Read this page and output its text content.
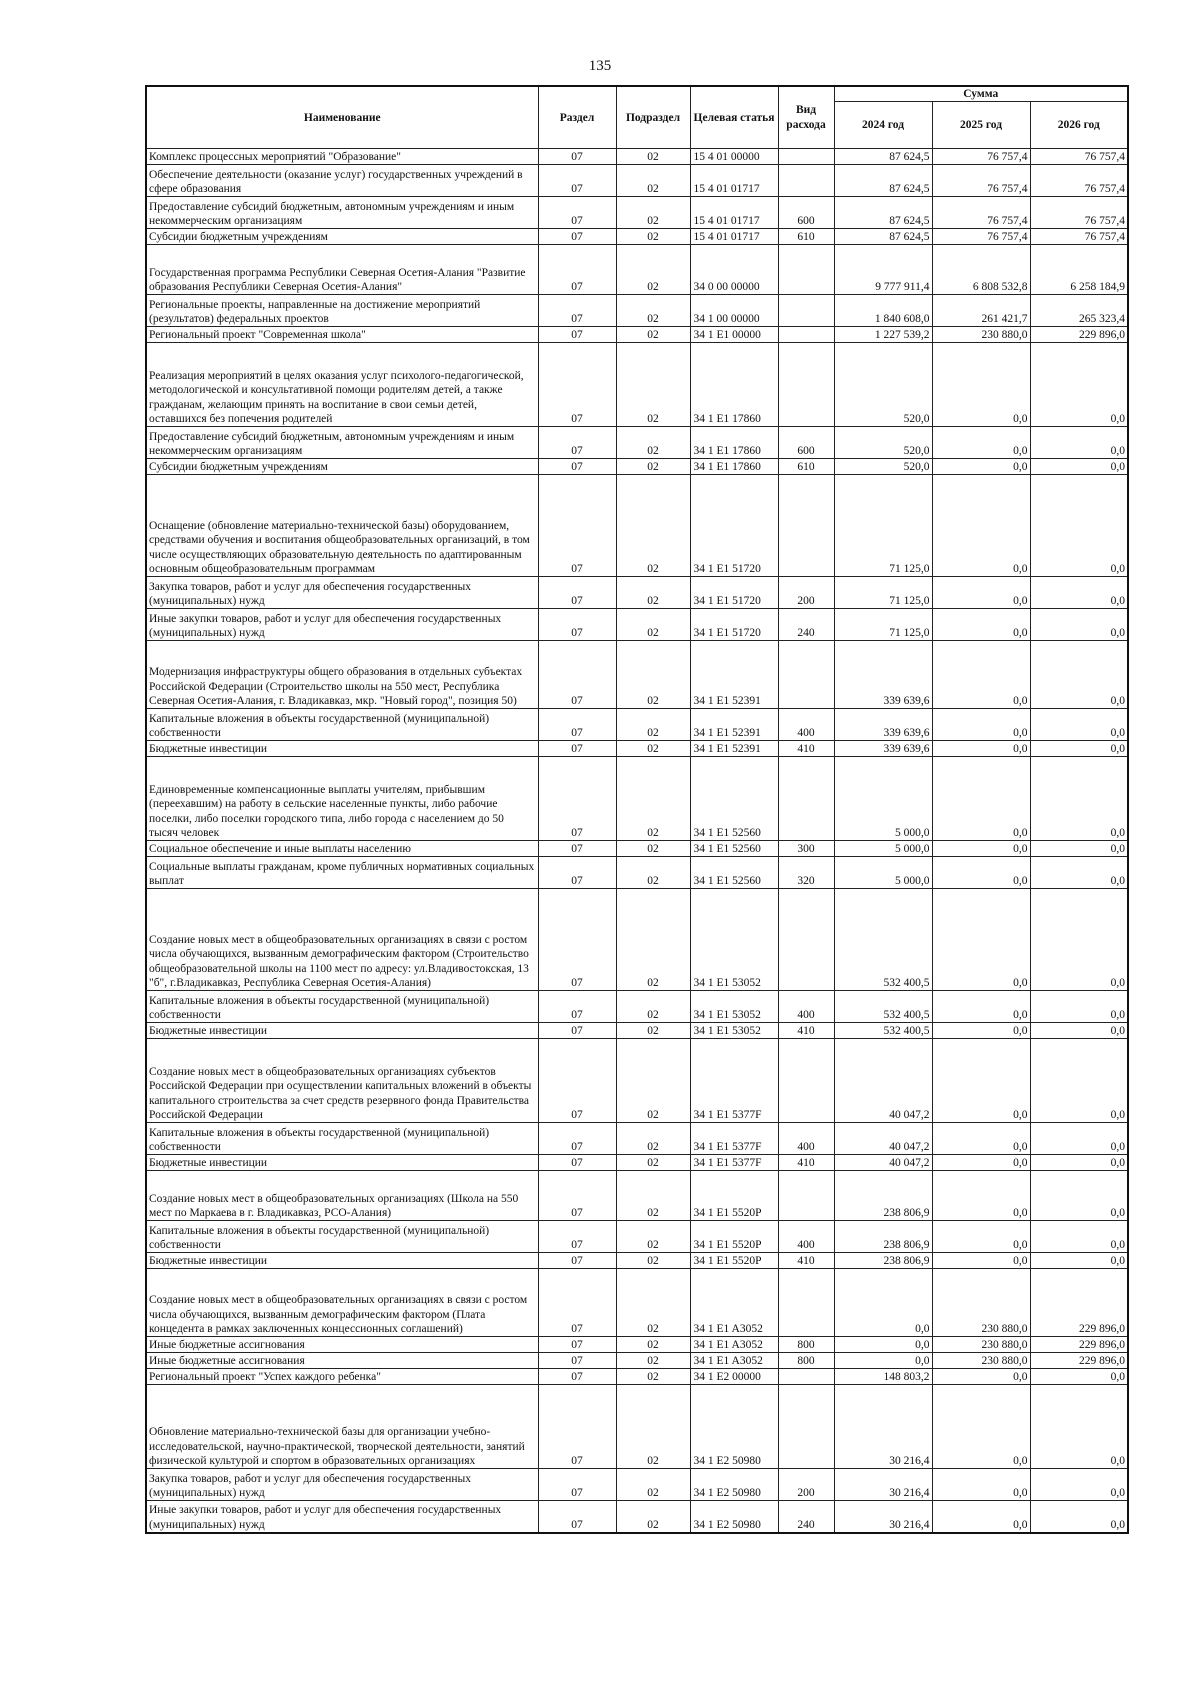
135
Наименование	Раздел	Подраздел	Целевая статья	Вид расхода	Сумма		
					2024 год	2025 год	2026 год
Комплекс процессных мероприятий "Образование"	07	02	15 4 01 00000		87 624,5	76 757,4	76 757,4
Обеспечение деятельности (оказание услуг) государственных учреждений в сфере образования	07	02	15 4 01 01717		87 624,5	76 757,4	76 757,4
Предоставление субсидий бюджетным, автономным учреждениям и иным некоммерческим организациям	07	02	15 4 01 01717	600	87 624,5	76 757,4	76 757,4
Субсидии бюджетным учреждениям	07	02	15 4 01 01717	610	87 624,5	76 757,4	76 757,4
Государственная программа Республики Северная Осетия-Алания "Развитие образования Республики Северная Осетия-Алания"	07	02	34 0 00 00000		9 777 911,4	6 808 532,8	6 258 184,9
Региональные проекты, направленные на достижение мероприятий (результатов) федеральных проектов	07	02	34 1 00 00000		1 840 608,0	261 421,7	265 323,4
Региональный проект "Современная школа"	07	02	34 1 E1 00000		1 227 539,2	230 880,0	229 896,0
Реализация мероприятий в целях оказания услуг психолого-педагогической, методологической и консультативной помощи родителям детей, а также гражданам, желающим принять на воспитание в свои семьи детей, оставшихся без попечения родителей	07	02	34 1 E1 17860		520,0	0,0	0,0
Предоставление субсидий бюджетным, автономным учреждениям и иным некоммерческим организациям	07	02	34 1 E1 17860	600	520,0	0,0	0,0
Субсидии бюджетным учреждениям	07	02	34 1 E1 17860	610	520,0	0,0	0,0
Оснащение (обновление материально-технической базы) оборудованием, средствами обучения и воспитания общеобразовательных организаций, в том числе осуществляющих образовательную деятельность по адаптированным основным общеобразовательным программам	07	02	34 1 E1 51720		71 125,0	0,0	0,0
Закупка товаров, работ и услуг для обеспечения государственных (муниципальных) нужд	07	02	34 1 E1 51720	200	71 125,0	0,0	0,0
Иные закупки товаров, работ и услуг для обеспечения государственных (муниципальных) нужд	07	02	34 1 E1 51720	240	71 125,0	0,0	0,0
Модернизация инфраструктуры общего образования в отдельных субъектах Российской Федерации (Строительство школы на 550 мест, Республика Северная Осетия-Алания, г. Владикавказ, мкр. "Новый город", позиция 50)	07	02	34 1 E1 52391		339 639,6	0,0	0,0
Капитальные вложения в объекты государственной (муниципальной) собственности	07	02	34 1 E1 52391	400	339 639,6	0,0	0,0
Бюджетные инвестиции	07	02	34 1 E1 52391	410	339 639,6	0,0	0,0
Единовременные компенсационные выплаты учителям, прибывшим (переехавшим) на работу в сельские населенные пункты, либо рабочие поселки, либо поселки городского типа, либо города с населением до 50 тысяч человек	07	02	34 1 E1 52560		5 000,0	0,0	0,0
Социальное обеспечение и иные выплаты населению	07	02	34 1 E1 52560	300	5 000,0	0,0	0,0
Социальные выплаты гражданам, кроме публичных нормативных социальных выплат	07	02	34 1 E1 52560	320	5 000,0	0,0	0,0
Создание новых мест в общеобразовательных организациях в связи с ростом числа обучающихся, вызванным демографическим фактором (Строительство общеобразовательной школы на 1100 мест по адресу: ул.Владивостокская, 13 "б", г.Владикавказ, Республика Северная Осетия-Алания)	07	02	34 1 E1 53052		532 400,5	0,0	0,0
Капитальные вложения в объекты государственной (муниципальной) собственности	07	02	34 1 E1 53052	400	532 400,5	0,0	0,0
Бюджетные инвестиции	07	02	34 1 E1 53052	410	532 400,5	0,0	0,0
Создание новых мест в общеобразовательных организациях субъектов Российской Федерации при осуществлении капитальных вложений в объекты капитального строительства за счет средств резервного фонда Правительства Российской Федерации	07	02	34 1 E1 5377F		40 047,2	0,0	0,0
Капитальные вложения в объекты государственной (муниципальной) собственности	07	02	34 1 E1 5377F	400	40 047,2	0,0	0,0
Бюджетные инвестиции	07	02	34 1 E1 5377F	410	40 047,2	0,0	0,0
Создание новых мест в общеобразовательных организациях (Школа на 550 мест по Маркаева в г. Владикавказ, РСО-Алания)	07	02	34 1 E1 5520P		238 806,9	0,0	0,0
Капитальные вложения в объекты государственной (муниципальной) собственности	07	02	34 1 E1 5520P	400	238 806,9	0,0	0,0
Бюджетные инвестиции	07	02	34 1 E1 5520P	410	238 806,9	0,0	0,0
Создание новых мест в общеобразовательных организациях в связи с ростом числа обучающихся, вызванным демографическим фактором (Плата концедента в рамках заключенных концессионных соглашений)	07	02	34 1 E1 A3052		0,0	230 880,0	229 896,0
Иные бюджетные ассигнования	07	02	34 1 E1 A3052	800	0,0	230 880,0	229 896,0
Иные бюджетные ассигнования	07	02	34 1 E1 A3052	800	0,0	230 880,0	229 896,0
Региональный проект "Успех каждого ребенка"	07	02	34 1 E2 00000		148 803,2	0,0	0,0
Обновление материально-технической базы для организации учебно-исследовательской, научно-практической, творческой деятельности, занятий физической культурой и спортом в образовательных организациях	07	02	34 1 E2 50980		30 216,4	0,0	0,0
Закупка товаров, работ и услуг для обеспечения государственных (муниципальных) нужд	07	02	34 1 E2 50980	200	30 216,4	0,0	0,0
Иные закупки товаров, работ и услуг для обеспечения государственных (муниципальных) нужд	07	02	34 1 E2 50980	240	30 216,4	0,0	0,0
